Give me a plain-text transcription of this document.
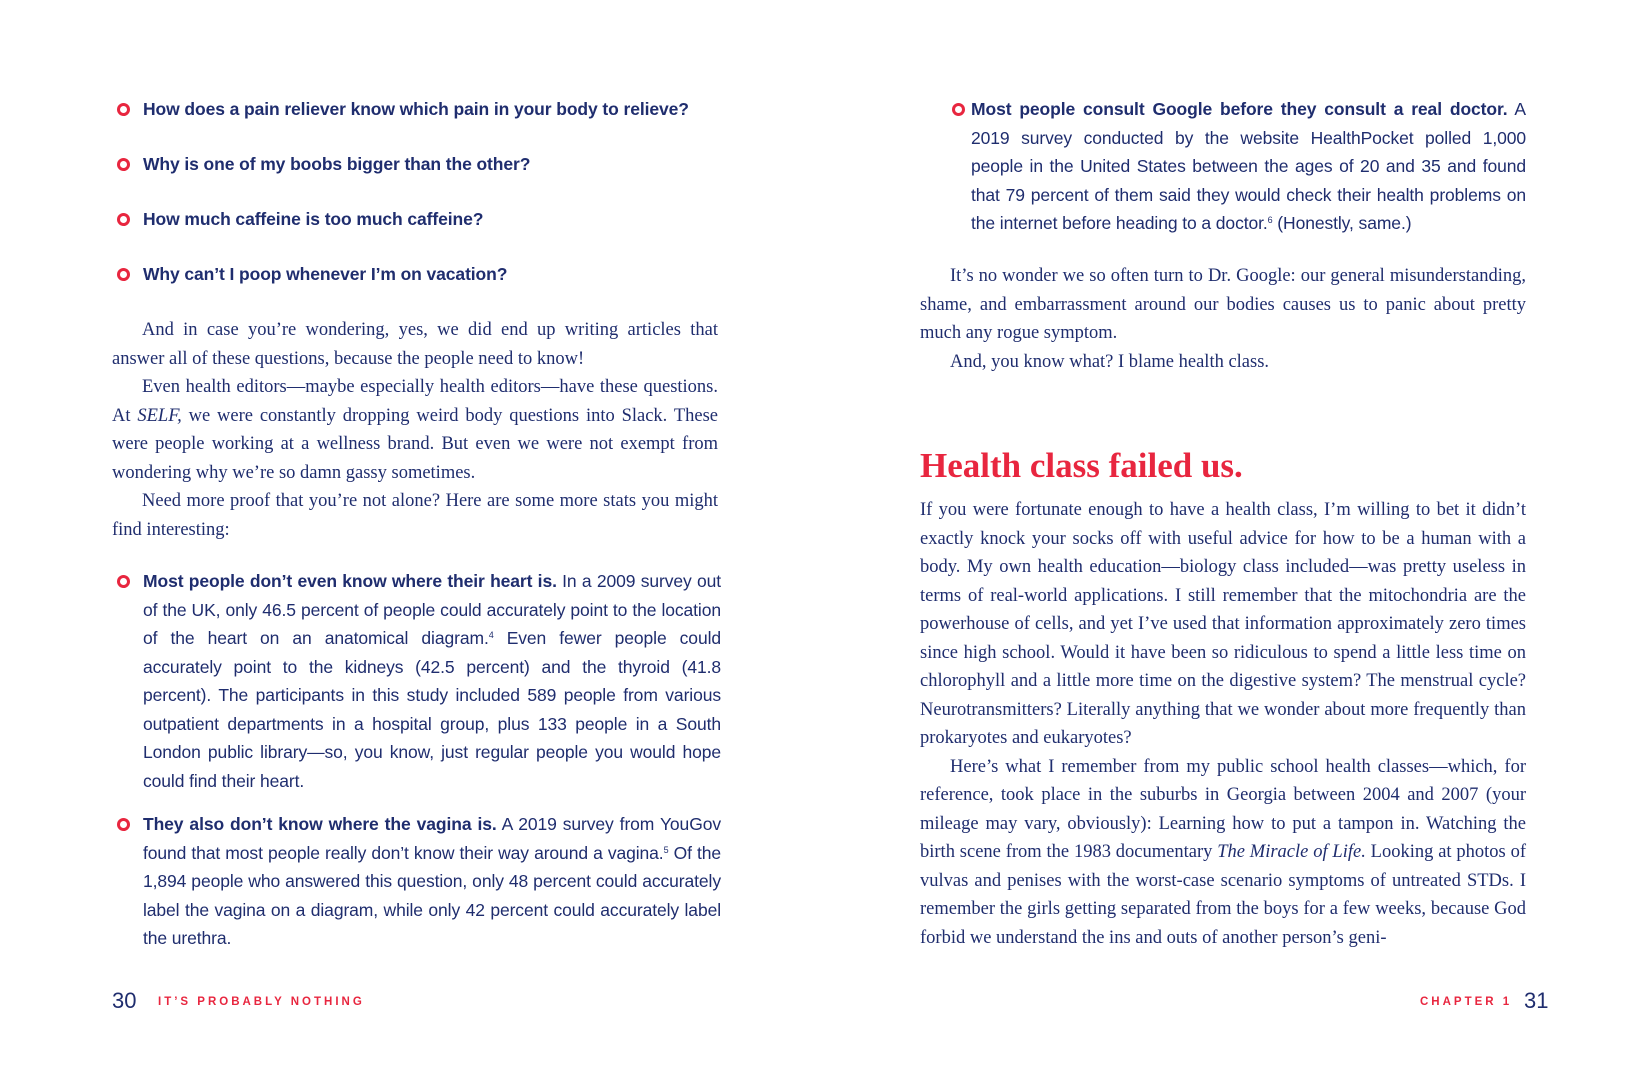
How does a pain reliever know which pain in your body to relieve?
Why is one of my boobs bigger than the other?
How much caffeine is too much caffeine?
Why can’t I poop whenever I’m on vacation?

And in case you’re wondering, yes, we did end up writing articles that answer all of these questions, because the people need to know!

Even health editors—maybe especially health editors—have these questions. At SELF, we were constantly dropping weird body questions into Slack. These were people working at a wellness brand. But even we were not exempt from wondering why we’re so damn gassy sometimes.

Need more proof that you’re not alone? Here are some more stats you might find interesting:

Most people don’t even know where their heart is. In a 2009 survey out of the UK, only 46.5 percent of people could accurately point to the location of the heart on an anatomical diagram.$^4$ Even fewer people could accurately point to the kidneys (42.5 percent) and the thyroid (41.8 percent). The participants in this study included 589 people from various outpatient departments in a hospital group, plus 133 people in a South London public library—so, you know, just regular people you would hope could find their heart.
They also don’t know where the vagina is. A 2019 survey from YouGov found that most people really don’t know their way around a vagina.$^5$ Of the 1,894 people who answered this question, only 48 percent could accurately label the vagina on a diagram, while only 42 percent could accurately label the urethra.
30 IT’S PROBABLY NOTHING
Most people consult Google before they consult a real doctor. A 2019 survey conducted by the website HealthPocket polled 1,000 people in the United States between the ages of 20 and 35 and found that 79 percent of them said they would check their health problems on the internet before heading to a doctor.$^6$ (Honestly, same.)

It’s no wonder we so often turn to Dr. Google: our general misunderstanding, shame, and embarrassment around our bodies causes us to panic about pretty much any rogue symptom.

And, you know what? I blame health class.

Health class failed us.

If you were fortunate enough to have a health class, I’m willing to bet it didn’t exactly knock your socks off with useful advice for how to be a human with a body. My own health education—biology class included—was pretty useless in terms of real-world applications. I still remember that the mitochondria are the powerhouse of cells, and yet I’ve used that information approximately zero times since high school. Would it have been so ridiculous to spend a little less time on chlorophyll and a little more time on the digestive system? The menstrual cycle? Neurotransmitters? Literally anything that we wonder about more frequently than prokaryotes and eukaryotes?

Here’s what I remember from my public school health classes—which, for reference, took place in the suburbs in Georgia between 2004 and 2007 (your mileage may vary, obviously): Learning how to put a tampon in. Watching the birth scene from the 1983 documentary The Miracle of Life. Looking at photos of vulvas and penises with the worst-case scenario symptoms of untreated STDs. I remember the girls getting separated from the boys for a few weeks, because God forbid we understand the ins and outs of another person’s geni-

CHAPTER 1 31
